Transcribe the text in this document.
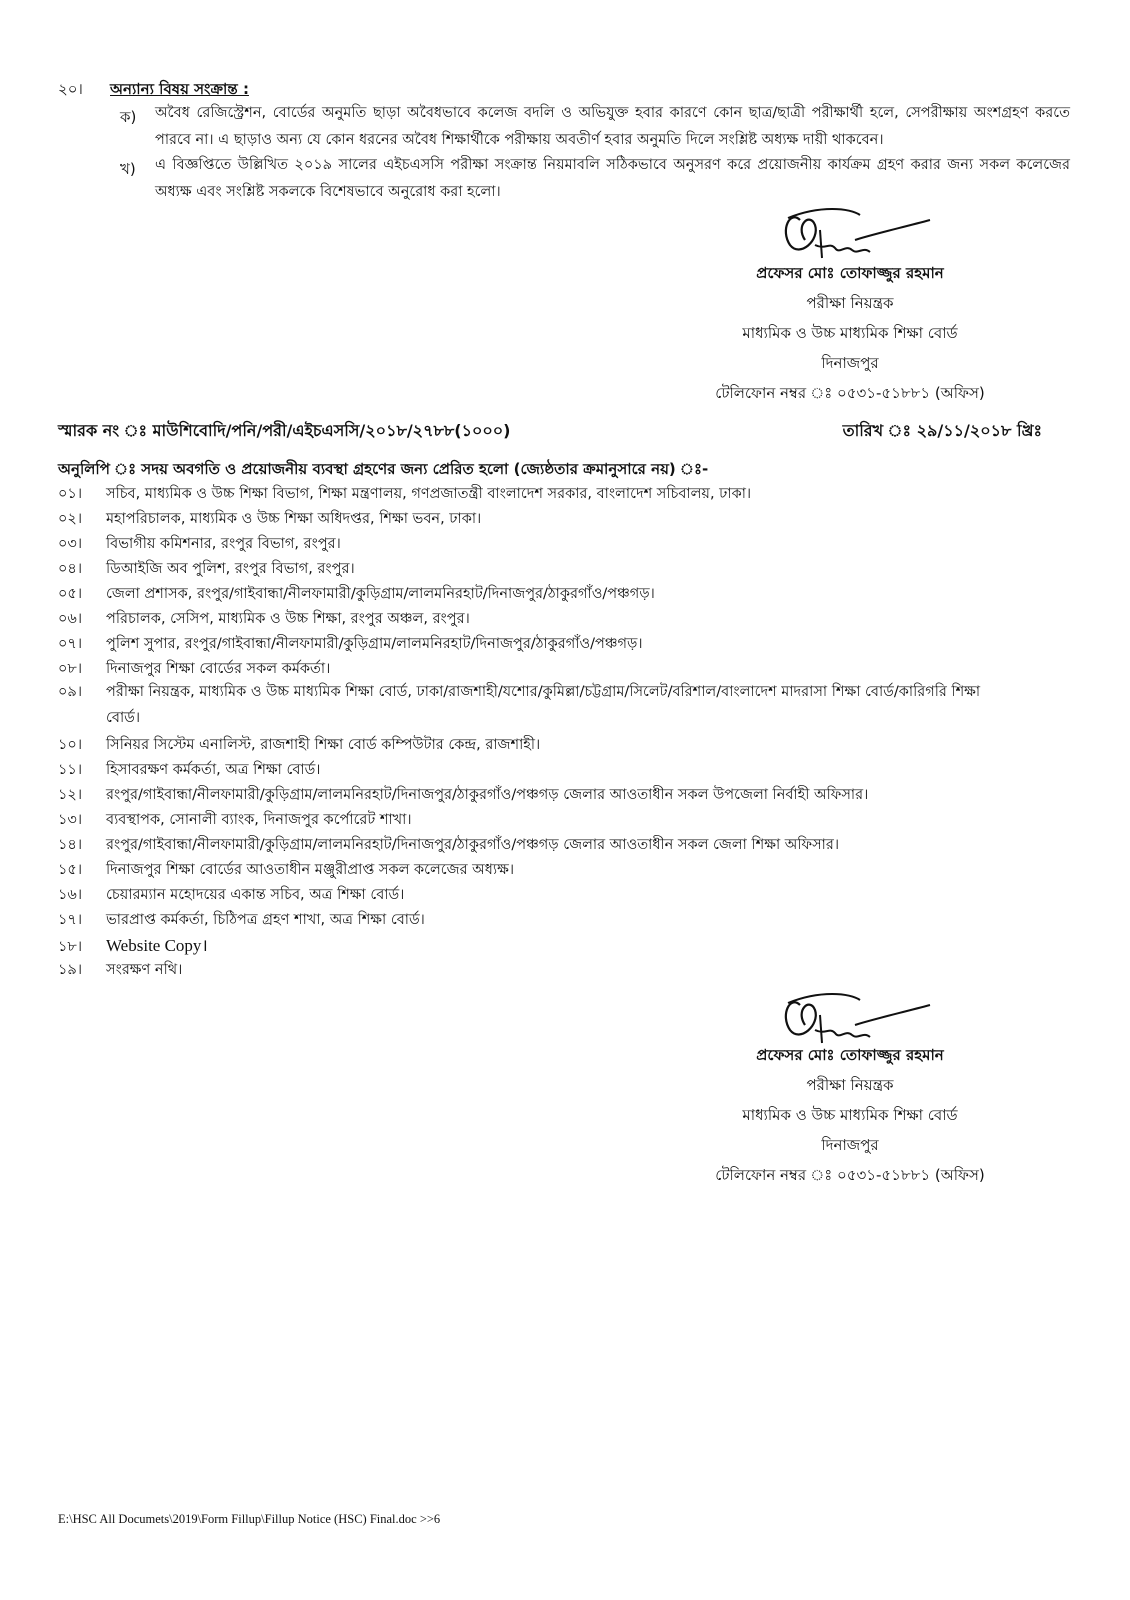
২০। অন্যান্য বিষয় সংক্রান্ত :
ক) অবৈধ রেজিস্ট্রেশন, বোর্ডের অনুমতি ছাড়া অবৈধভাবে কলেজ বদলি ও অভিযুক্ত হবার কারণে কোন ছাত্র/ছাত্রী পরীক্ষার্থী হলে, সেপরীক্ষায় অংশগ্রহণ করতে পারবে না। এ ছাড়াও অন্য যে কোন ধরনের অবৈধ শিক্ষার্থীকে পরীক্ষায় অবতীর্ণ হবার অনুমতি দিলে সংশ্লিষ্ট অধ্যক্ষ দায়ী থাকবেন।
খ) এ বিজ্ঞপ্তিতে উল্লিখিত ২০১৯ সালের এইচএসসি পরীক্ষা সংক্রান্ত নিয়মাবলি সঠিকভাবে অনুসরণ করে প্রয়োজনীয় কার্যক্রম গ্রহণ করার জন্য সকল কলেজের অধ্যক্ষ এবং সংশ্লিষ্ট সকলকে বিশেষভাবে অনুরোধ করা হলো।
প্রফেসর মোঃ তোফাজ্জুর রহমান
পরীক্ষা নিয়ন্ত্রক
মাধ্যমিক ও উচ্চ মাধ্যমিক শিক্ষা বোর্ড
দিনাজপুর
টেলিফোন নম্বর ঃ ০৫৩১-৫১৮৮১ (অফিস)
স্মারক নং ঃ মাউশিবোদি/পনি/পরী/এইচএসসি/২০১৮/২৭৮৮(১০০০)	তারিখ ঃ ২৯/১১/২০১৮ খ্রিঃ
অনুলিপি ঃ সদয় অবগতি ও প্রয়োজনীয় ব্যবস্থা গ্রহণের জন্য প্রেরিত হলো (জ্যেষ্ঠতার ক্রমানুসারে নয়) ঃ-
০১। সচিব, মাধ্যমিক ও উচ্চ শিক্ষা বিভাগ, শিক্ষা মন্ত্রণালয়, গণপ্রজাতন্ত্রী বাংলাদেশ সরকার, বাংলাদেশ সচিবালয়, ঢাকা।
০২। মহাপরিচালক, মাধ্যমিক ও উচ্চ শিক্ষা অধিদপ্তর, শিক্ষা ভবন, ঢাকা।
০৩। বিভাগীয় কমিশনার, রংপুর বিভাগ, রংপুর।
০৪। ডিআইজি অব পুলিশ, রংপুর বিভাগ, রংপুর।
০৫। জেলা প্রশাসক, রংপুর/গাইবান্ধা/নীলফামারী/কুড়িগ্রাম/লালমনিরহাট/দিনাজপুর/ঠাকুরগাঁও/পঞ্চগড়।
০৬। পরিচালক, সেসিপ, মাধ্যমিক ও উচ্চ শিক্ষা, রংপুর অঞ্চল, রংপুর।
০৭। পুলিশ সুপার, রংপুর/গাইবান্ধা/নীলফামারী/কুড়িগ্রাম/লালমনিরহাট/দিনাজপুর/ঠাকুরগাঁও/পঞ্চগড়।
০৮। দিনাজপুর শিক্ষা বোর্ডের সকল কর্মকর্তা।
০৯।	পরীক্ষা নিয়ন্ত্রক, মাধ্যমিক ও উচ্চ মাধ্যমিক শিক্ষা বোর্ড, ঢাকা/রাজশাহী/যশোর/কুমিল্লা/চট্টগ্রাম/সিলেট/বরিশাল/বাংলাদেশ মাদরাসা শিক্ষা বোর্ড/কারিগরি শিক্ষা বোর্ড।
১০। সিনিয়র সিস্টেম এনালিস্ট, রাজশাহী শিক্ষা বোর্ড কম্পিউটার কেন্দ্র, রাজশাহী।
১১। হিসাবরক্ষণ কর্মকর্তা, অত্র শিক্ষা বোর্ড।
১২। রংপুর/গাইবান্ধা/নীলফামারী/কুড়িগ্রাম/লালমনিরহাট/দিনাজপুর/ঠাকুরগাঁও/পঞ্চগড় জেলার আওতাধীন সকল উপজেলা নির্বাহী অফিসার।
১৩। ব্যবস্থাপক, সোনালী ব্যাংক, দিনাজপুর কর্পোরেট শাখা।
১৪। রংপুর/গাইবান্ধা/নীলফামারী/কুড়িগ্রাম/লালমনিরহাট/দিনাজপুর/ঠাকুরগাঁও/পঞ্চগড় জেলার আওতাধীন সকল জেলা শিক্ষা অফিসার।
১৫। দিনাজপুর শিক্ষা বোর্ডের আওতাধীন মঞ্জুরীপ্রাপ্ত সকল কলেজের অধ্যক্ষ।
১৬। চেয়ারম্যান মহোদয়ের একান্ত সচিব, অত্র শিক্ষা বোর্ড।
১৭। ভারপ্রাপ্ত কর্মকর্তা, চিঠিপত্র গ্রহণ শাখা, অত্র শিক্ষা বোর্ড।
১৮। Website Copy।
১৯। সংরক্ষণ নথি।
প্রফেসর মোঃ তোফাজ্জুর রহমান
পরীক্ষা নিয়ন্ত্রক
মাধ্যমিক ও উচ্চ মাধ্যমিক শিক্ষা বোর্ড
দিনাজপুর
টেলিফোন নম্বর ঃ ০৫৩১-৫১৮৮১ (অফিস)
E:\HSC All Documets\2019\Form Fillup\Fillup Notice (HSC) Final.doc >>6
